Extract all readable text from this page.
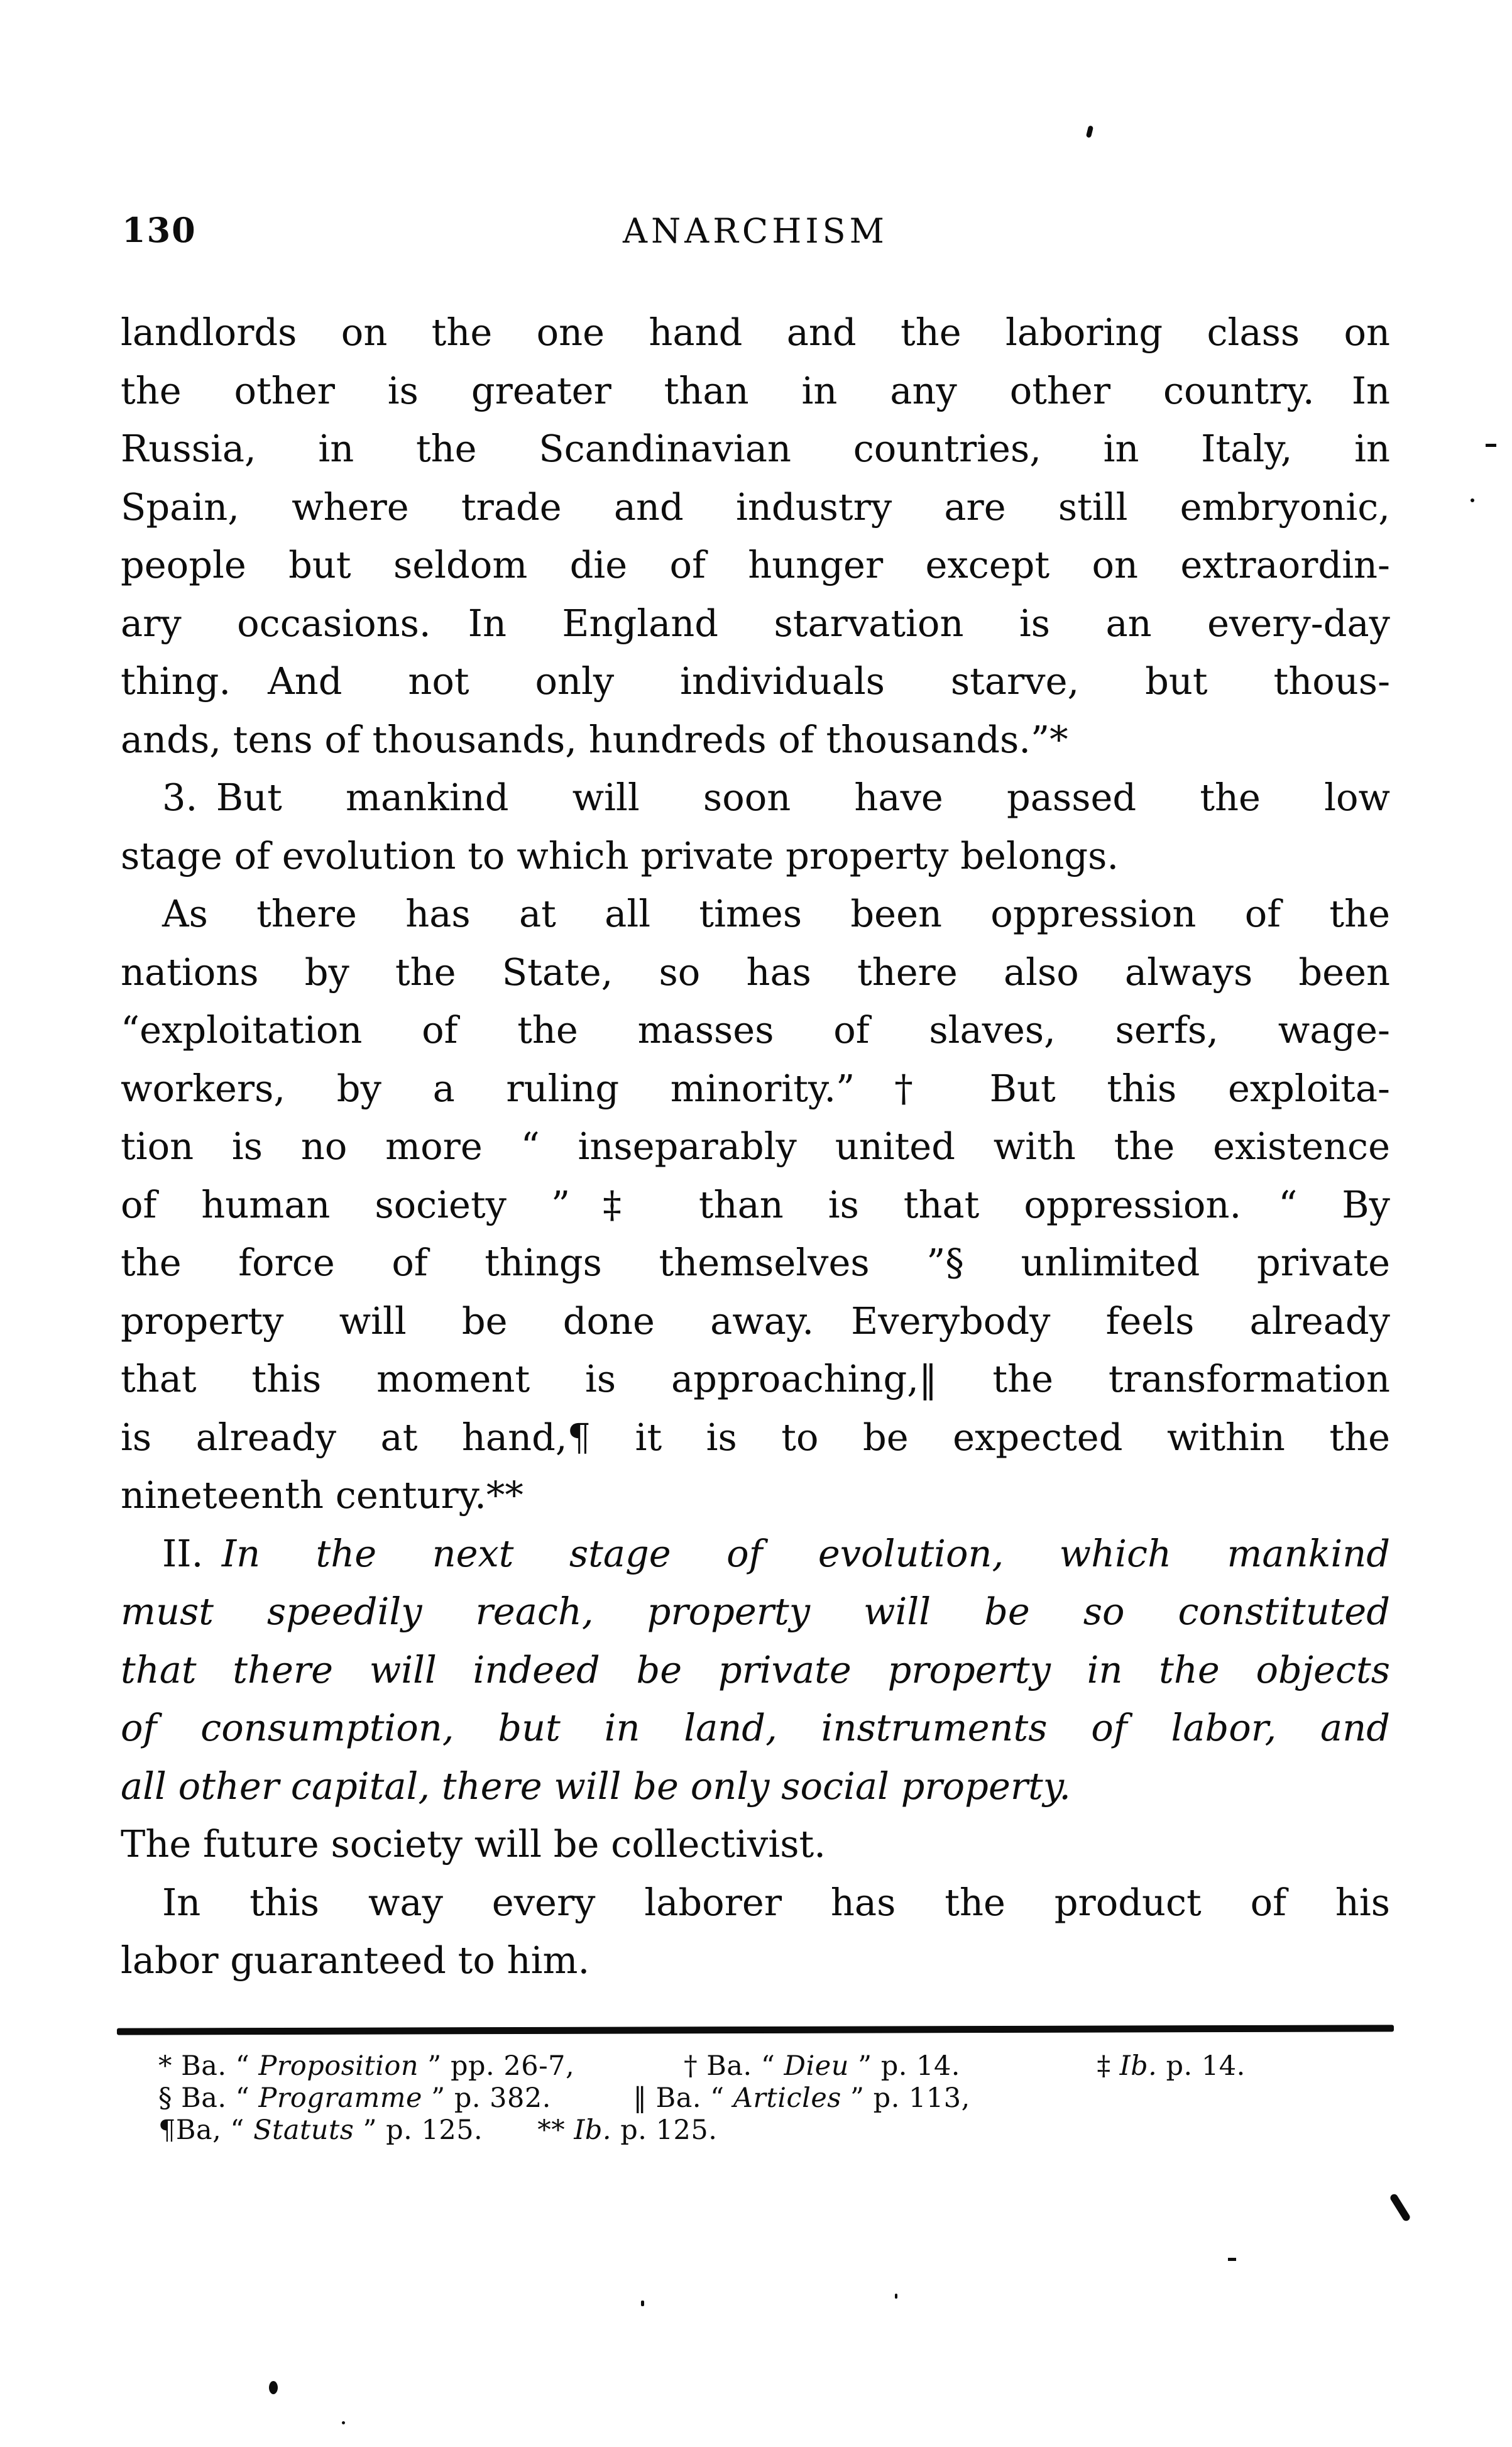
130	ANARCHISM
landlords on the one hand and the laboring class on
the other is greater than in any other country. In
Russia, in the Scandinavian countries, in Italy, in
Spain, where trade and industry are still embryonic,
people but seldom die of hunger except on extraordin-
ary occasions. In England starvation is an every-day
thing. And not only individuals starve, but thous-
ands, tens of thousands, hundreds of thousands.”*
3. But mankind will soon have passed the low
stage of evolution to which private property belongs.
As there has at all times been oppression of the
nations by the State, so has there also always been
“exploitation of the masses of slaves, serfs, wage-
workers, by a ruling minority.”† But this exploita-
tion is no more “ inseparably united with the existence
of human society ”‡ than is that oppression. “ By
the force of things themselves ”§ unlimited private
property will be done away. Everybody feels already
that this moment is approaching,‖ the transformation
is already at hand,¶ it is to be expected within the
nineteenth century.**
II. In the next stage of evolution, which mankind
must speedily reach, property will be so constituted
that there will indeed be private property in the objects
of consumption, but in land, instruments of labor, and
all other capital, there will be only social property.
The future society will be collectivist.
In this way every laborer has the product of his
labor guaranteed to him.
* Ba. “ Proposition ” pp. 26-7,    	† Ba. “ Dieu ” p. 14.     	‡ Ib. p. 14.
§ Ba. “ Programme ” p. 382.   	‖ Ba. “ Articles ” p. 113,
¶Ba, “ Statuts ” p. 125.   ** Ib. p. 125.
